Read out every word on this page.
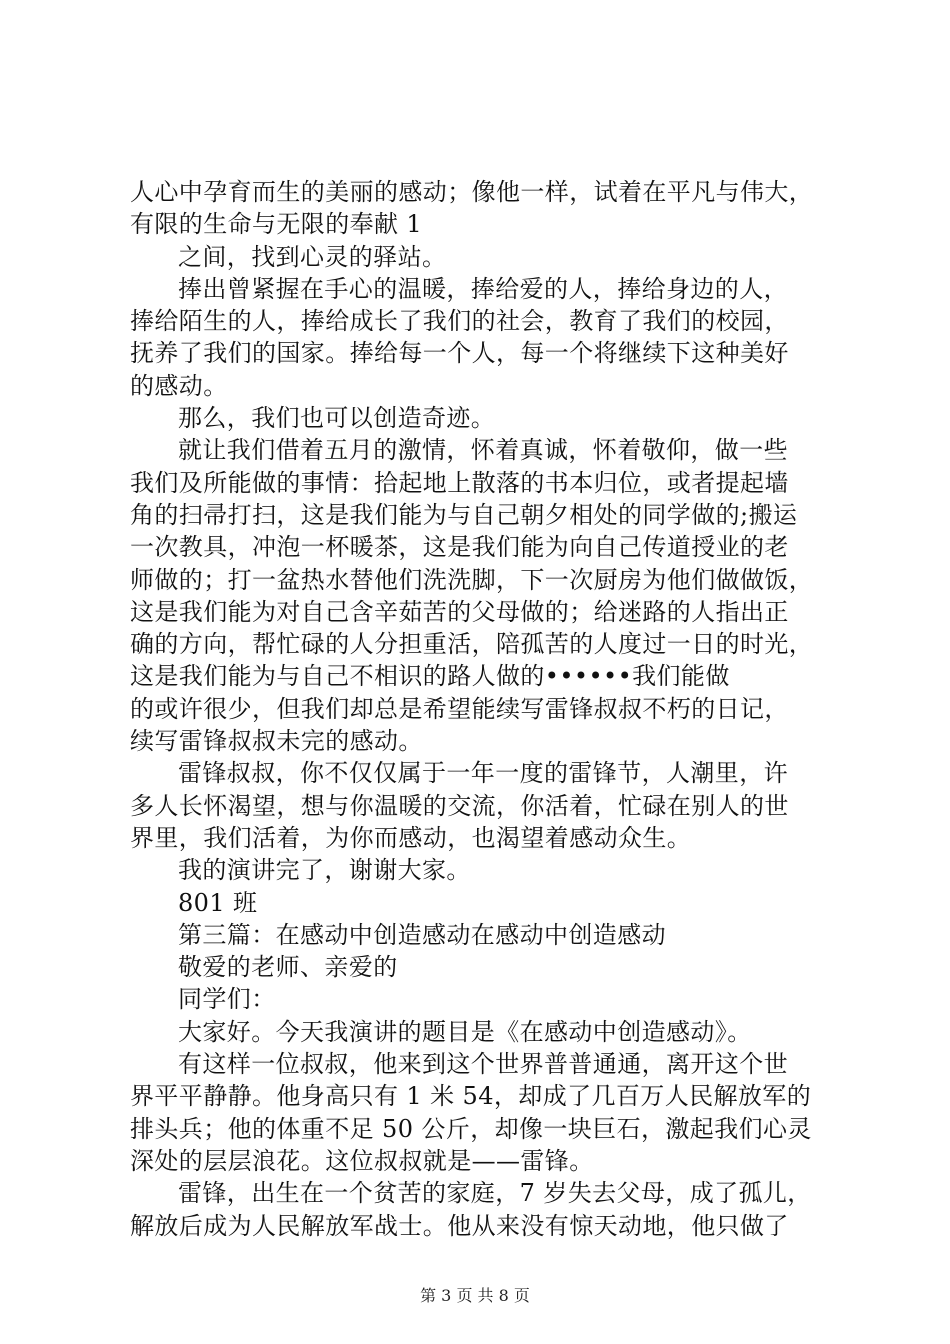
人心中孕育而生的美丽的感动；像他一样，试着在平凡与伟大，
有限的生命与无限的奉献 1
之间，找到心灵的驿站。
捧出曾紧握在手心的温暖，捧给爱的人，捧给身边的人，
捧给陌生的人，捧给成长了我们的社会，教育了我们的校园，
抚养了我们的国家。捧给每一个人，每一个将继续下这种美好
的感动。
那么，我们也可以创造奇迹。
就让我们借着五月的激情，怀着真诚，怀着敬仰，做一些
我们及所能做的事情：拾起地上散落的书本归位，或者提起墙
角的扫帚打扫，这是我们能为与自己朝夕相处的同学做的;搬运
一次教具，冲泡一杯暖茶，这是我们能为向自己传道授业的老
师做的；打一盆热水替他们洗洗脚，下一次厨房为他们做做饭，
这是我们能为对自己含辛茹苦的父母做的；给迷路的人指出正
确的方向，帮忙碌的人分担重活，陪孤苦的人度过一日的时光，
这是我们能为与自己不相识的路人做的••••••我们能做
的或许很少，但我们却总是希望能续写雷锋叔叔不朽的日记，
续写雷锋叔叔未完的感动。
雷锋叔叔，你不仅仅属于一年一度的雷锋节，人潮里，许
多人长怀渴望，想与你温暖的交流，你活着，忙碌在别人的世
界里，我们活着，为你而感动，也渴望着感动众生。
我的演讲完了，谢谢大家。
801 班
第三篇：在感动中创造感动在感动中创造感动
敬爱的老师、亲爱的
同学们：
大家好。今天我演讲的题目是《在感动中创造感动》。
有这样一位叔叔，他来到这个世界普普通通，离开这个世
界平平静静。他身高只有 1 米 54，却成了几百万人民解放军的
排头兵；他的体重不足 50 公斤，却像一块巨石，激起我们心灵
深处的层层浪花。这位叔叔就是——雷锋。
雷锋，出生在一个贫苦的家庭，7 岁失去父母，成了孤儿，
解放后成为人民解放军战士。他从来没有惊天动地，他只做了
第 3 页 共 8 页
